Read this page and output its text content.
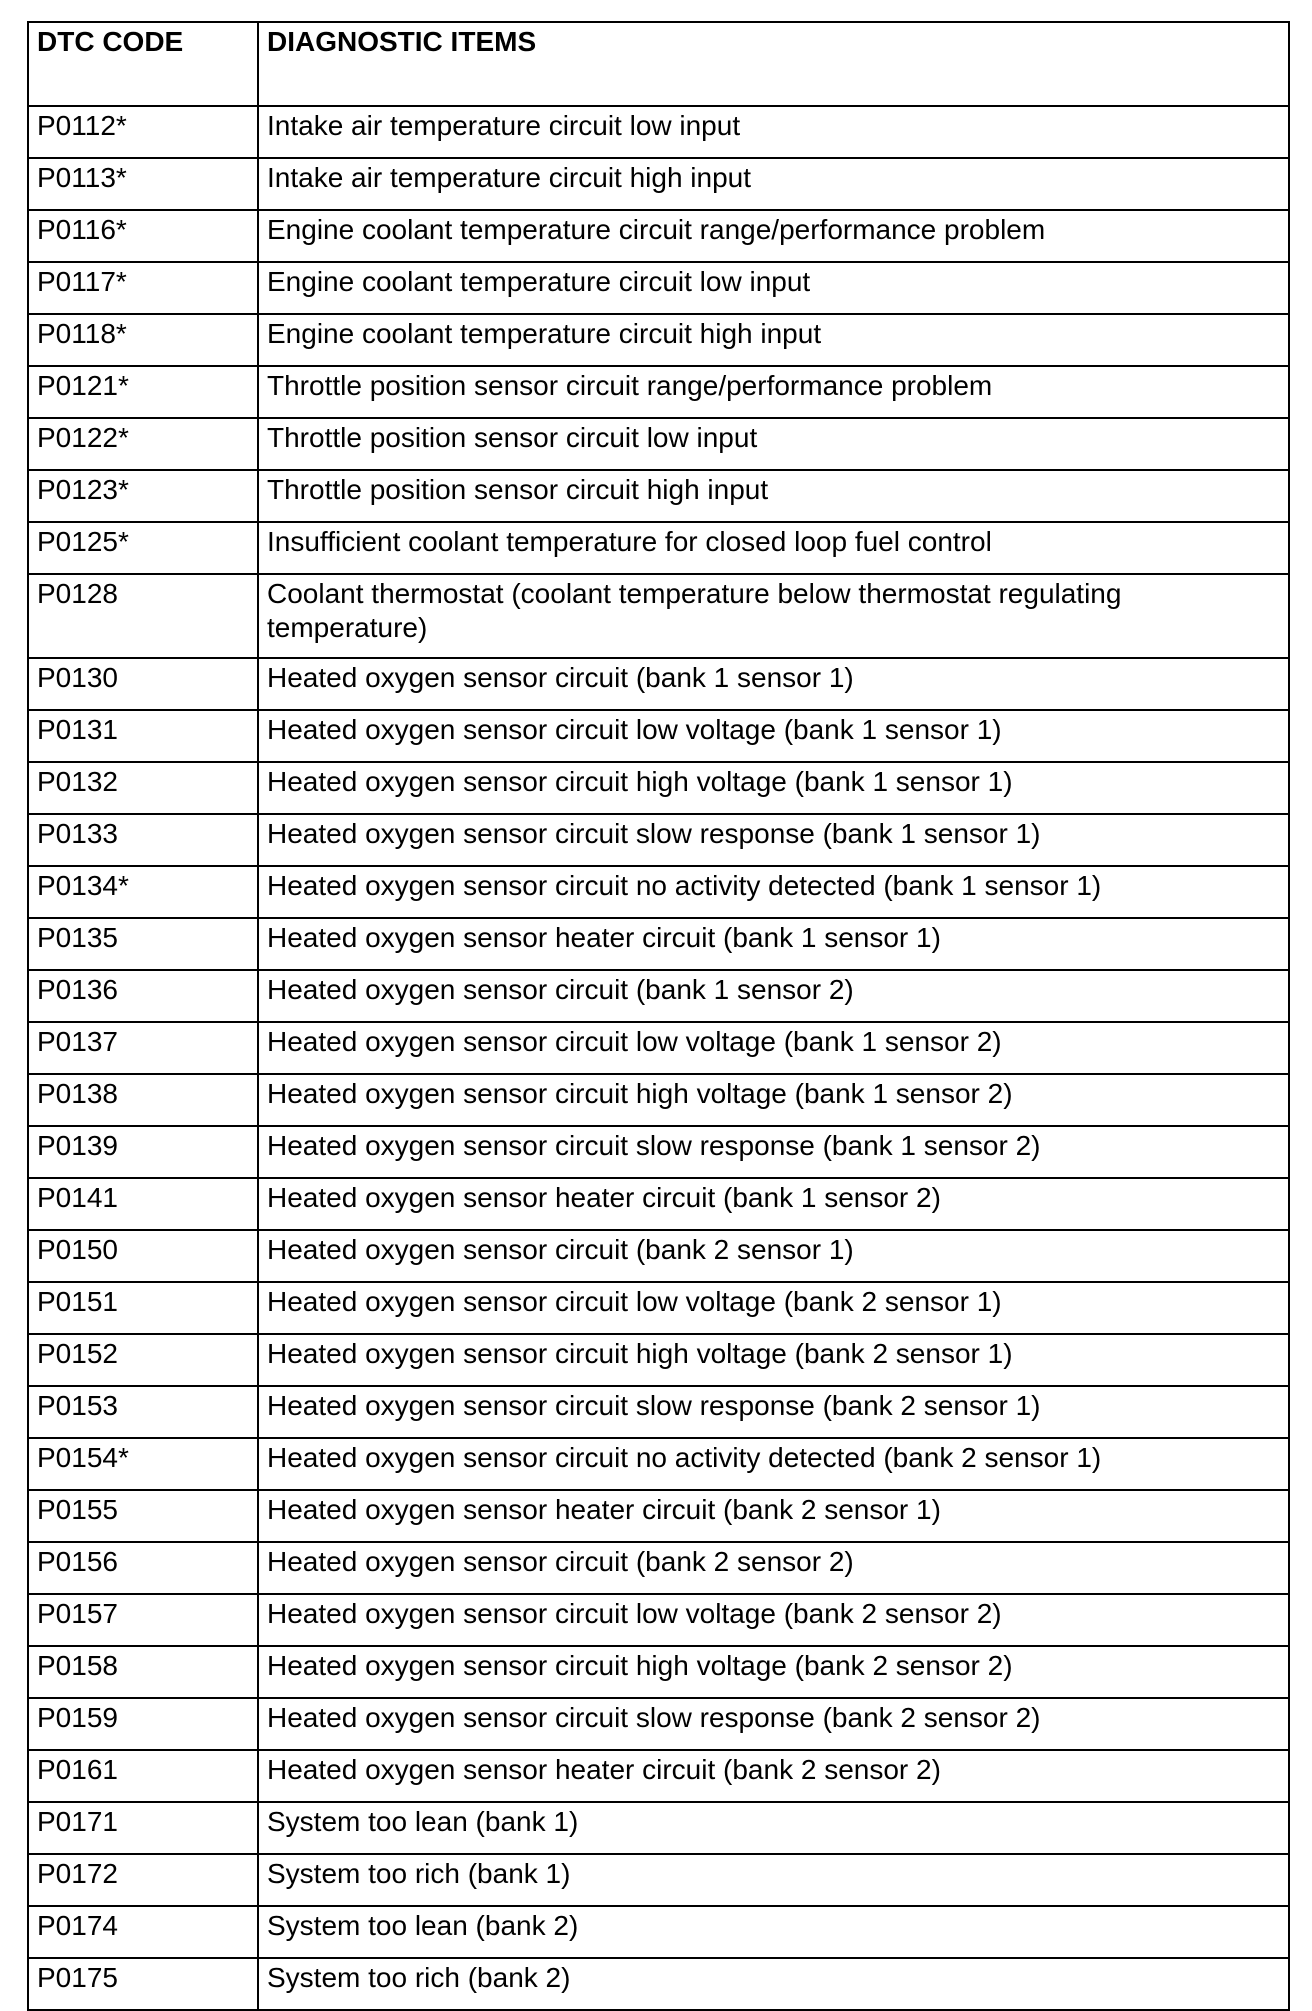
DTC CODE	DIAGNOSTIC ITEMS
P0112*	Intake air temperature circuit low input
P0113*	Intake air temperature circuit high input
P0116*	Engine coolant temperature circuit range/performance problem
P0117*	Engine coolant temperature circuit low input
P0118*	Engine coolant temperature circuit high input
P0121*	Throttle position sensor circuit range/performance problem
P0122*	Throttle position sensor circuit low input
P0123*	Throttle position sensor circuit high input
P0125*	Insufficient coolant temperature for closed loop fuel control
P0128	Coolant thermostat (coolant temperature below thermostat regulating temperature)
P0130	Heated oxygen sensor circuit (bank 1 sensor 1)
P0131	Heated oxygen sensor circuit low voltage (bank 1 sensor 1)
P0132	Heated oxygen sensor circuit high voltage (bank 1 sensor 1)
P0133	Heated oxygen sensor circuit slow response (bank 1 sensor 1)
P0134*	Heated oxygen sensor circuit no activity detected (bank 1 sensor 1)
P0135	Heated oxygen sensor heater circuit (bank 1 sensor 1)
P0136	Heated oxygen sensor circuit (bank 1 sensor 2)
P0137	Heated oxygen sensor circuit low voltage (bank 1 sensor 2)
P0138	Heated oxygen sensor circuit high voltage (bank 1 sensor 2)
P0139	Heated oxygen sensor circuit slow response (bank 1 sensor 2)
P0141	Heated oxygen sensor heater circuit (bank 1 sensor 2)
P0150	Heated oxygen sensor circuit (bank 2 sensor 1)
P0151	Heated oxygen sensor circuit low voltage (bank 2 sensor 1)
P0152	Heated oxygen sensor circuit high voltage (bank 2 sensor 1)
P0153	Heated oxygen sensor circuit slow response (bank 2 sensor 1)
P0154*	Heated oxygen sensor circuit no activity detected (bank 2 sensor 1)
P0155	Heated oxygen sensor heater circuit (bank 2 sensor 1)
P0156	Heated oxygen sensor circuit (bank 2 sensor 2)
P0157	Heated oxygen sensor circuit low voltage (bank 2 sensor 2)
P0158	Heated oxygen sensor circuit high voltage (bank 2 sensor 2)
P0159	Heated oxygen sensor circuit slow response (bank 2 sensor 2)
P0161	Heated oxygen sensor heater circuit (bank 2 sensor 2)
P0171	System too lean (bank 1)
P0172	System too rich (bank 1)
P0174	System too lean (bank 2)
P0175	System too rich (bank 2)
